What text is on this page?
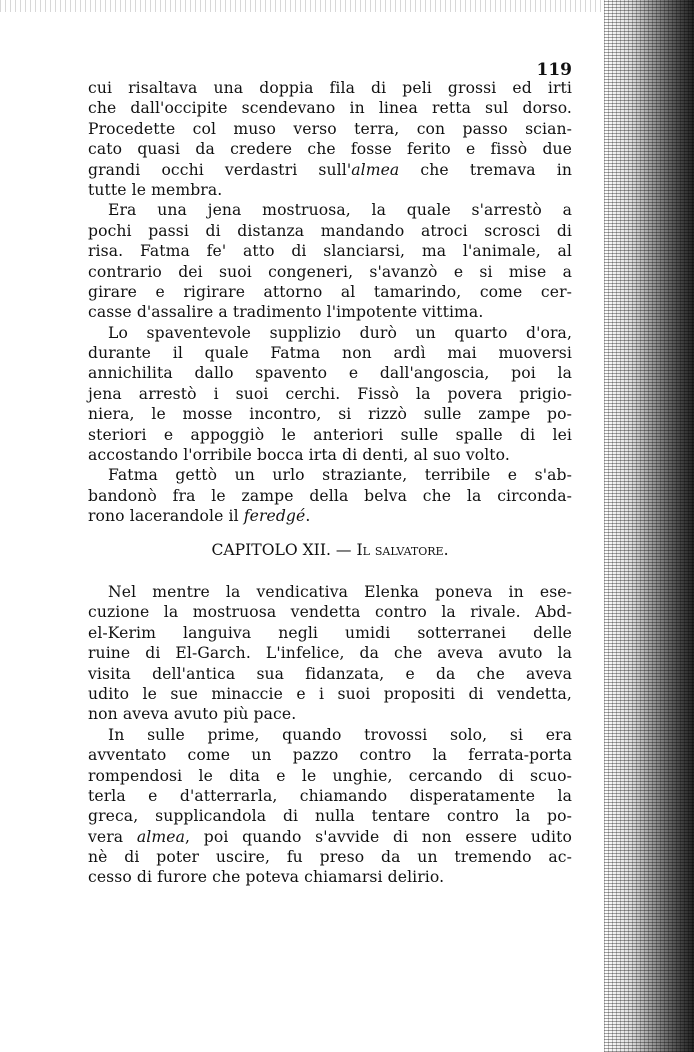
119
cui risaltava una doppia fila di peli grossi ed irti
che dall'occipite scendevano in linea retta sul dorso.
Procedette col muso verso terra, con passo scian-
cato quasi da credere che fosse ferito e fissò due
grandi occhi verdastri sull'almea che tremava in
tutte le membra.
Era una jena mostruosa, la quale s'arrestò a
pochi passi di distanza mandando atroci scrosci di
risa. Fatma fe' atto di slanciarsi, ma l'animale, al
contrario dei suoi congeneri, s'avanzò e si mise a
girare e rigirare attorno al tamarindo, come cer-
casse d'assalire a tradimento l'impotente vittima.
Lo spaventevole supplizio durò un quarto d'ora,
durante il quale Fatma non ardì mai muoversi
annichilita dallo spavento e dall'angoscia, poi la
jena arrestò i suoi cerchi. Fissò la povera prigio-
niera, le mosse incontro, si rizzò sulle zampe po-
steriori e appoggiò le anteriori sulle spalle di lei
accostando l'orribile bocca irta di denti, al suo volto.
Fatma gettò un urlo straziante, terribile e s'ab-
bandonò fra le zampe della belva che la circonda-
rono lacerandole il feredgé.
CAPITOLO XII. — Il salvatore.
Nel mentre la vendicativa Elenka poneva in ese-
cuzione la mostruosa vendetta contro la rivale. Abd-
el-Kerim languiva negli umidi sotterranei delle
ruine di El-Garch. L'infelice, da che aveva avuto la
visita dell'antica sua fidanzata, e da che aveva
udito le sue minaccie e i suoi propositi di vendetta,
non aveva avuto più pace.
In sulle prime, quando trovossi solo, si era
avventato come un pazzo contro la ferrata-porta
rompendosi le dita e le unghie, cercando di scuo-
terla e d'atterrarla, chiamando disperatamente la
greca, supplicandola di nulla tentare contro la po-
vera almea, poi quando s'avvide di non essere udito
nè di poter uscire, fu preso da un tremendo ac-
cesso di furore che poteva chiamarsi delirio.
